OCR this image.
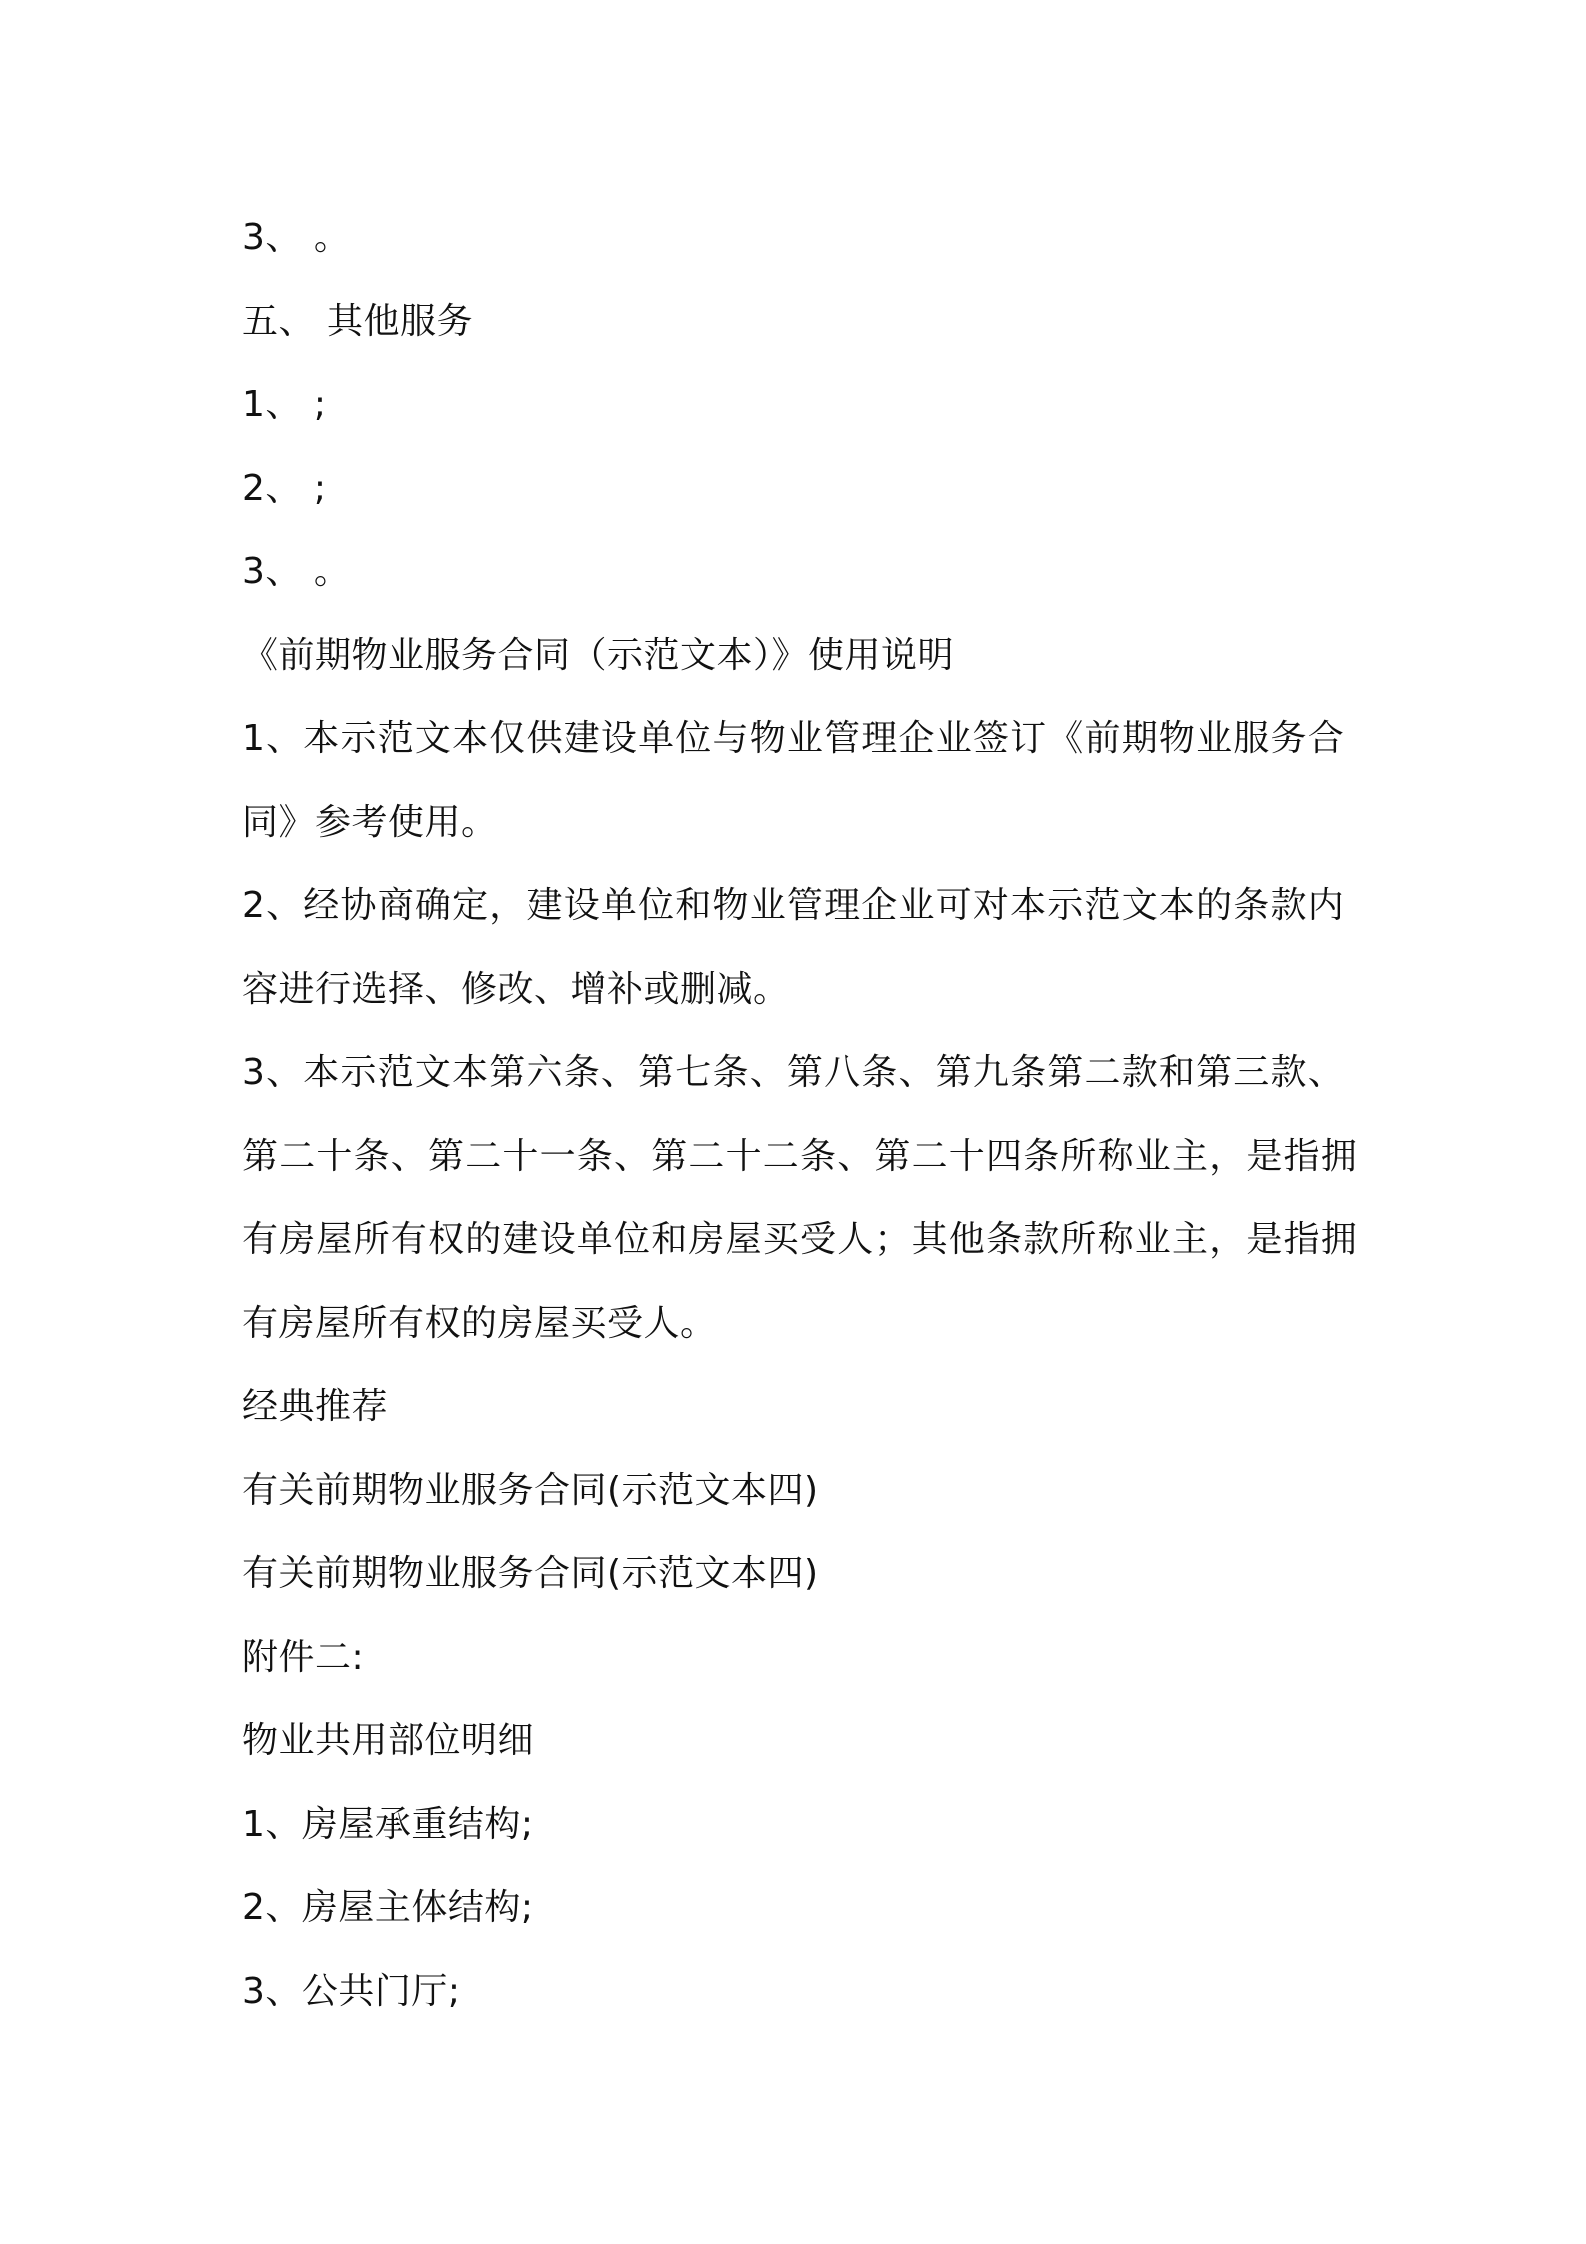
3、 。
五、 其他服务
1、 ;
2、 ;
3、 。
《前期物业服务合同（示范文本）》使用说明
1、本示范文本仅供建设单位与物业管理企业签订《前期物业服务合
同》参考使用。
2、经协商确定，建设单位和物业管理企业可对本示范文本的条款内
容进行选择、修改、增补或删减。
3、本示范文本第六条、第七条、第八条、第九条第二款和第三款、
第二十条、第二十一条、第二十二条、第二十四条所称业主，是指拥
有房屋所有权的建设单位和房屋买受人；其他条款所称业主，是指拥
有房屋所有权的房屋买受人。
经典推荐
有关前期物业服务合同(示范文本四)
有关前期物业服务合同(示范文本四)
附件二:
物业共用部位明细
1、房屋承重结构;
2、房屋主体结构;
3、公共门厅;
